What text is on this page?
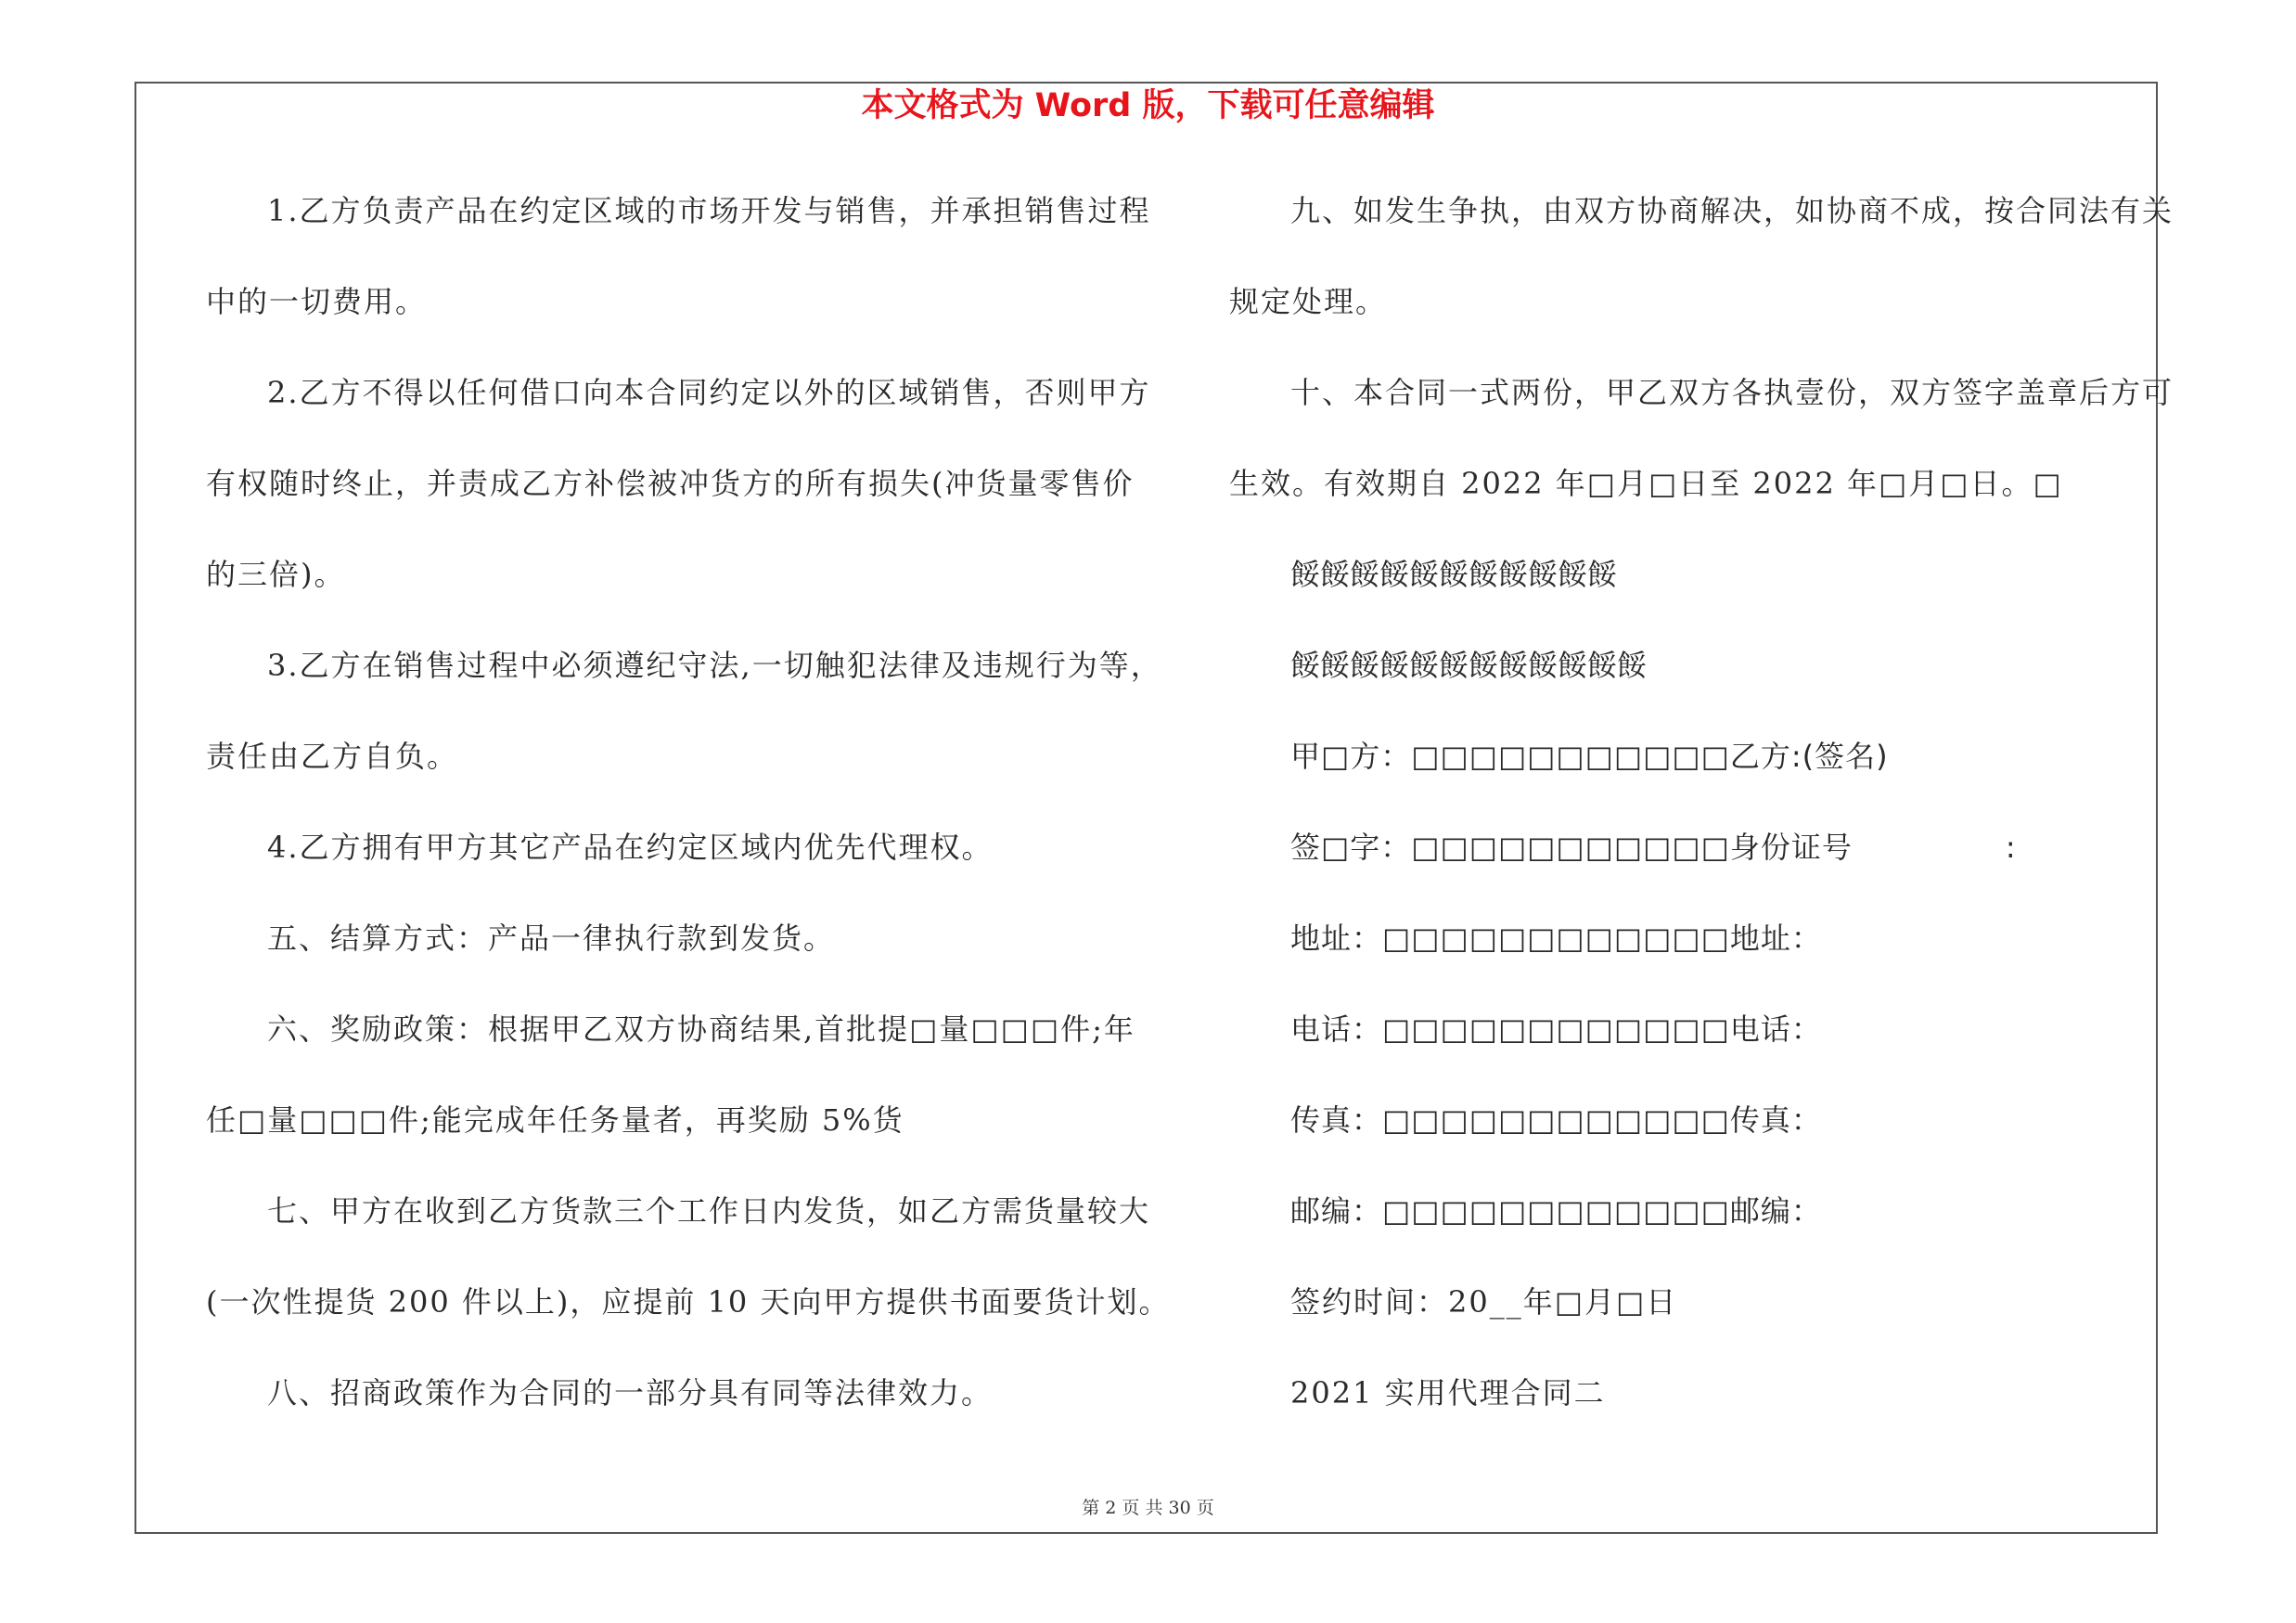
本文格式为 Word 版，下载可任意编辑

1.乙方负责产品在约定区域的市场开发与销售，并承担销售过程

中的一切费用。

2.乙方不得以任何借口向本合同约定以外的区域销售，否则甲方

有权随时终止，并责成乙方补偿被冲货方的所有损失(冲货量零售价

的三倍)。

3.乙方在销售过程中必须遵纪守法,一切触犯法律及违规行为等，

责任由乙方自负。

4.乙方拥有甲方其它产品在约定区域内优先代理权。

五、结算方式：产品一律执行款到发货。

六、奖励政策：根据甲乙双方协商结果,首批提□量□□□件;年

任□量□□□件;能完成年任务量者，再奖励 5%货

七、甲方在收到乙方货款三个工作日内发货，如乙方需货量较大

(一次性提货 200 件以上)，应提前 10 天向甲方提供书面要货计划。

八、招商政策作为合同的一部分具有同等法律效力。

九、如发生争执，由双方协商解决，如协商不成，按合同法有关

规定处理。

十、本合同一式两份，甲乙双方各执壹份，双方签字盖章后方可

生效。有效期自 2022 年□月□日至 2022 年□月□日。□

餒餒餒餒餒餒餒餒餒餒餒

餒餒餒餒餒餒餒餒餒餒餒餒

甲□方：□□□□□□□□□□□乙方:(签名)

签□字：□□□□□□□□□□□身份证号　　　　　:

地址：□□□□□□□□□□□□地址：

电话：□□□□□□□□□□□□电话：

传真：□□□□□□□□□□□□传真：

邮编：□□□□□□□□□□□□邮编：

签约时间：20__年□月□日

2021 实用代理合同二

第 2 页 共 30 页
